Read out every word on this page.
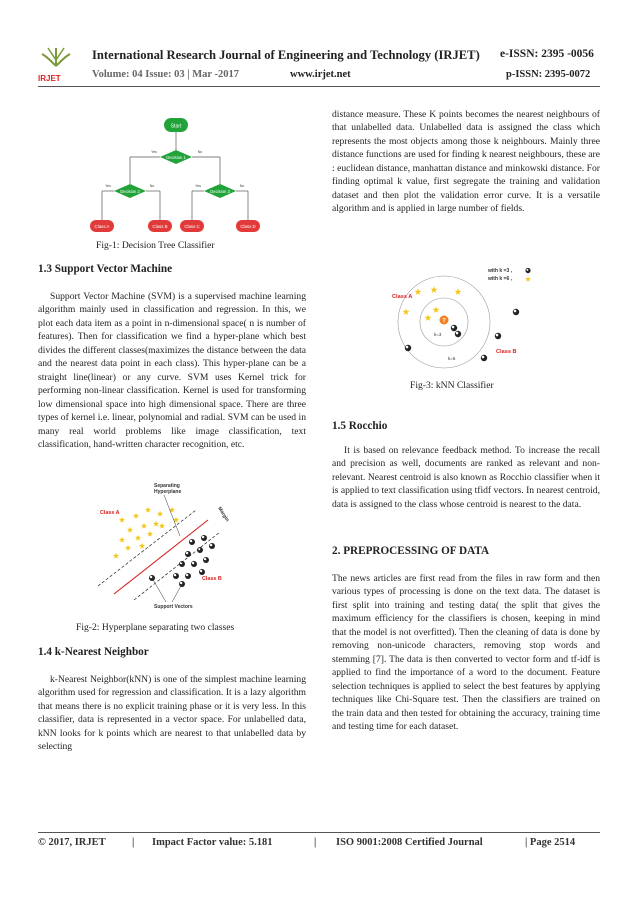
IRJET
International Research Journal of Engineering and Technology (IRJET) e-ISSN: 2395 -0056
Volume: 04 Issue: 03 | Mar -2017	www.irjet.net	p-ISSN: 2395-0072
Start
Decision 1
Yes	No
Decision 2	Decision 3
Yes	No	Yes	No
Class A	Class B	Class C	Class D
Fig-1: Decision Tree Classifier
1.3 Support Vector Machine
Support Vector Machine (SVM) is a supervised machine learning algorithm mainly used in classification and regression. In this, we plot each data item as a point in n-dimensional space( n is number of features). Then for classification we find a hyper-plane which best divides the different classes(maximizes the distance between the data and the nearest data point in each class). This hyper-plane can be a straight line(linear) or any curve. SVM uses Kernel trick for performing non-linear classification. Kernel is used for transforming low dimensional space into high dimensional space. There are three types of kernel i.e. linear, polynomial and radial. SVM can be used in many real world problems like image classification, text classification, hand-written character recognition, etc.
Separating
Hyperplane
Margin
Class A
Class B
Support Vectors
Fig-2: Hyperplane separating two classes
1.4 k-Nearest Neighbor
k-Nearest Neighbor(kNN) is one of the simplest machine learning algorithm used for regression and classification. It is a lazy algorithm that means there is no explicit training phase or it is very less. In this classifier, data is represented in a vector space. For unlabelled data, kNN looks for k points which are nearest to that unlabelled data by selecting
distance measure. These K points becomes the nearest neighbours of that unlabelled data. Unlabelled data is assigned the class which represents the most objects among those k neighbours. Mainly three distance functions are used for finding k nearest neighbours, these are : euclidean distance, manhattan distance and minkowski distance. For finding optimal k value, first segregate the training and validation dataset and then plot the validation error curve. It is a versatile algorithm and is applied in large number of fields.
?
k=3
k=6
Class A
Class B
with k =3 ,
with k =6 ,
Fig-3: kNN Classifier
1.5 Rocchio
It is based on relevance feedback method. To increase the recall and precision as well, documents are ranked as relevant and non-relevant. Nearest centroid is also known as Rocchio classifier when it is applied to text classification using tfidf vectors. In nearest centroid, data is assigned to the class whose centroid is nearest to the data.
2. PREPROCESSING OF DATA
The news articles are first read from the files in raw form and then various types of processing is done on the text data. The dataset is first split into training and testing data( the split that gives the maximum efficiency for the classifiers is chosen, keeping in mind that the model is not overfitted). Then the cleaning of data is done by removing non-unicode characters, removing stop words and stemming [7]. The data is then converted to vector form and tf-idf is applied to find the importance of a word to the document. Feature selection techniques is applied to select the best features by applying techniques like Chi-Square test. Then the classifiers are trained on the train data and then tested for obtaining the accuracy, training time and testing time for each dataset.
© 2017, IRJET	| Impact Factor value: 5.181	| ISO 9001:2008 Certified Journal	| Page 2514
